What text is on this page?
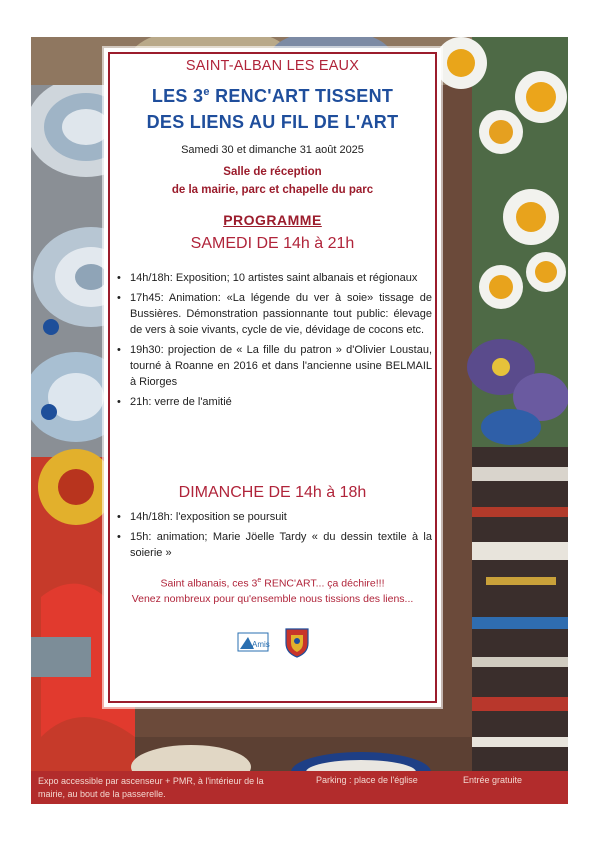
SAINT-ALBAN LES EAUX
LES 3e RENC'ART TISSENT
DES LIENS AU FIL DE L'ART
Samedi 30 et dimanche 31 août 2025
Salle de réception
de la mairie, parc et chapelle du parc
PROGRAMME
SAMEDI DE 14h à 21h
• 14h/18h: Exposition; 10 artistes saint albanais et régionaux
• 17h45: Animation: «La légende du ver à soie» tissage de Bussières. Démonstration passionnante tout public: élevage de vers à soie vivants, cycle de vie, dévidage de cocons etc.
• 19h30: projection de « La fille du patron » d'Olivier Loustau, tourné à Roanne en 2016 et dans l'ancienne usine BELMAIL à Riorges
• 21h: verre de l'amitié
DIMANCHE DE 14h à 18h
• 14h/18h: l'exposition se poursuit
• 15h: animation; Marie Jöelle Tardy « du dessin textile à la soierie »
Saint albanais, ces 3e RENC'ART... ça déchire!!!
Venez nombreux pour qu'ensemble nous tissions des liens...
Amis
Expo accessible par ascenseur + PMR, à l'intérieur de la mairie, au bout de la passerelle.
Parking : place de l'église	Entrée gratuite
